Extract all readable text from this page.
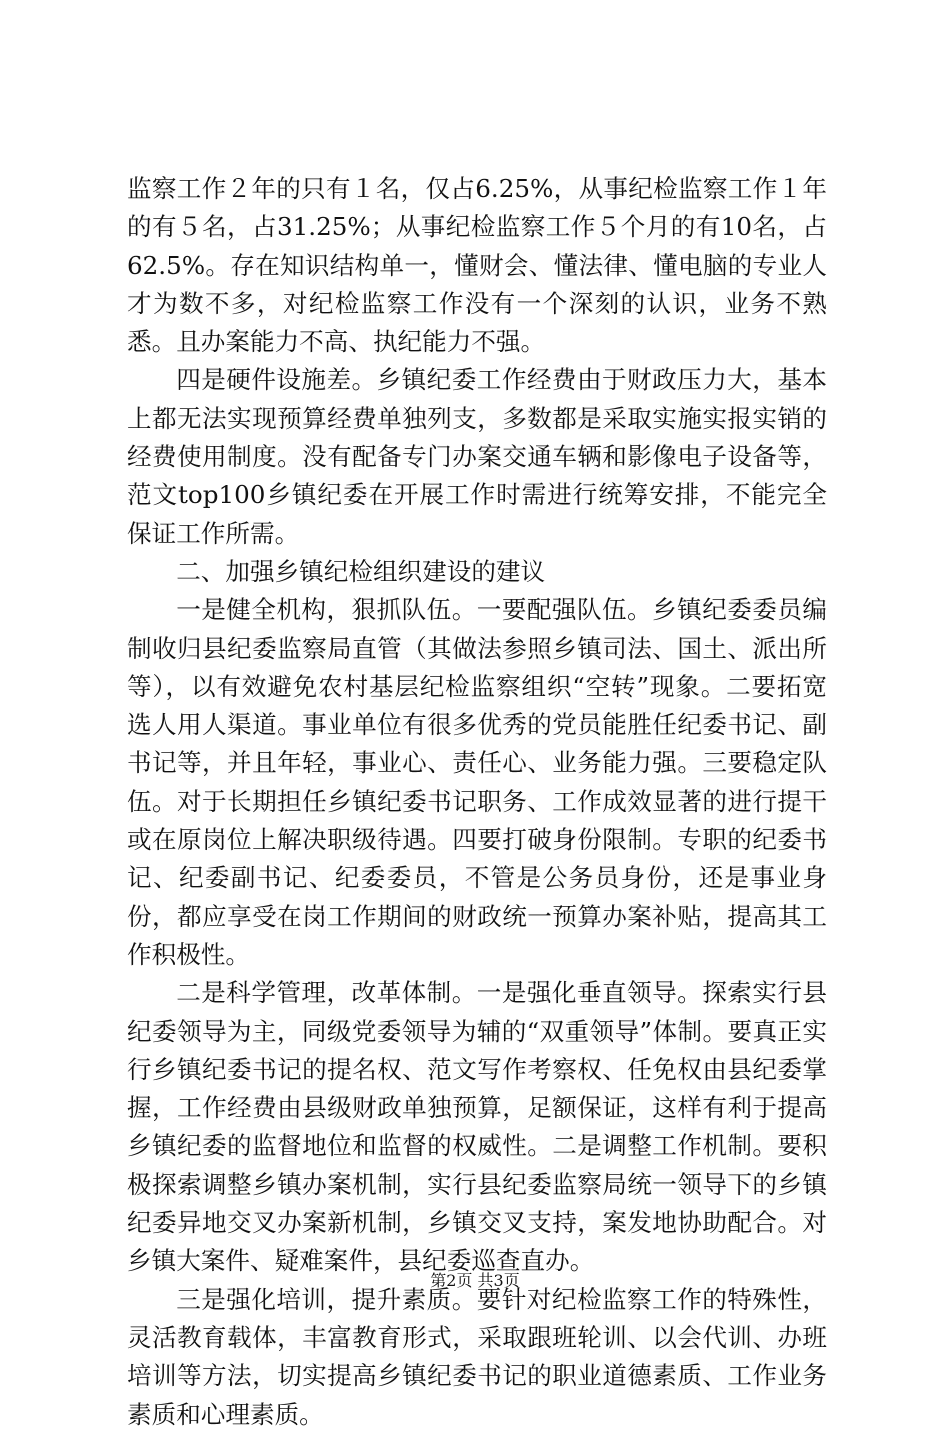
监察工作２年的只有１名，仅占6.25%，从事纪检监察工作１年的有５名，占31.25%；从事纪检监察工作５个月的有10名，占62.5%。存在知识结构单一，懂财会、懂法律、懂电脑的专业人才为数不多，对纪检监察工作没有一个深刻的认识，业务不熟悉。且办案能力不高、执纪能力不强。

四是硬件设施差。乡镇纪委工作经费由于财政压力大，基本上都无法实现预算经费单独列支，多数都是采取实施实报实销的经费使用制度。没有配备专门办案交通车辆和影像电子设备等，范文top100乡镇纪委在开展工作时需进行统筹安排，不能完全保证工作所需。

二、加强乡镇纪检组织建设的建议

一是健全机构，狠抓队伍。一要配强队伍。乡镇纪委委员编制收归县纪委监察局直管（其做法参照乡镇司法、国土、派出所等），以有效避免农村基层纪检监察组织“空转”现象。二要拓宽选人用人渠道。事业单位有很多优秀的党员能胜任纪委书记、副书记等，并且年轻，事业心、责任心、业务能力强。三要稳定队伍。对于长期担任乡镇纪委书记职务、工作成效显著的进行提干或在原岗位上解决职级待遇。四要打破身份限制。专职的纪委书记、纪委副书记、纪委委员，不管是公务员身份，还是事业身份，都应享受在岗工作期间的财政统一预算办案补贴，提高其工作积极性。

二是科学管理，改革体制。一是强化垂直领导。探索实行县纪委领导为主，同级党委领导为辅的“双重领导”体制。要真正实行乡镇纪委书记的提名权、范文写作考察权、任免权由县纪委掌握，工作经费由县级财政单独预算，足额保证，这样有利于提高乡镇纪委的监督地位和监督的权威性。二是调整工作机制。要积极探索调整乡镇办案机制，实行县纪委监察局统一领导下的乡镇纪委异地交叉办案新机制，乡镇交叉支持，案发地协助配合。对乡镇大案件、疑难案件，县纪委巡查直办。

三是强化培训，提升素质。要针对纪检监察工作的特殊性，灵活教育载体，丰富教育形式，采取跟班轮训、以会代训、办班培训等方法，切实提高乡镇纪委书记的职业道德素质、工作业务素质和心理素质。

第2页 共3页
